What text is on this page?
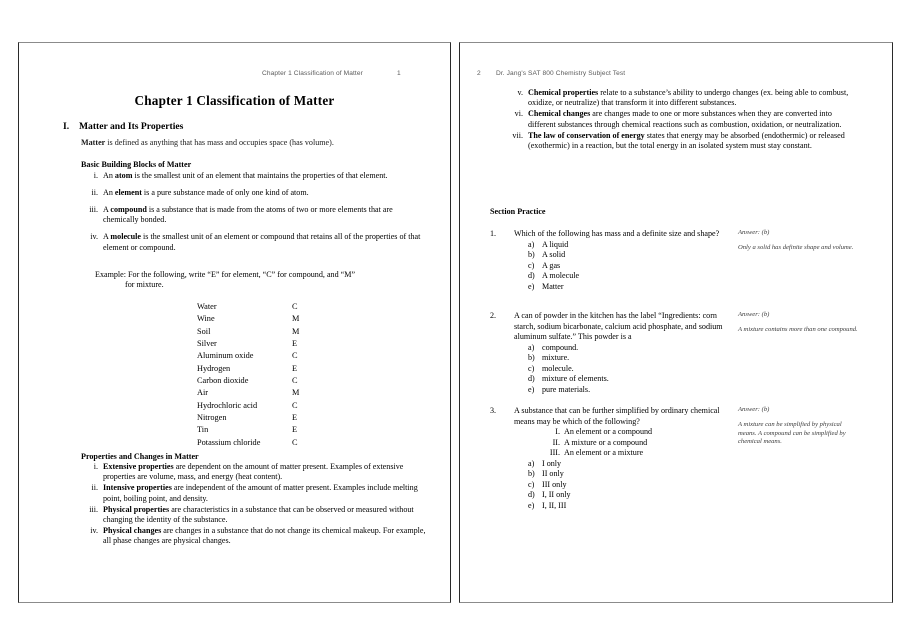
Chapter 1 Classification of Matter	1
Chapter 1 Classification of Matter
I. Matter and Its Properties
Matter is defined as anything that has mass and occupies space (has volume).
Basic Building Blocks of Matter
i. An atom is the smallest unit of an element that maintains the properties of that element.
ii. An element is a pure substance made of only one kind of atom.
iii. A compound is a substance that is made from the atoms of two or more elements that are chemically bonded.
iv. A molecule is the smallest unit of an element or compound that retains all of the properties of that element or compound.
Example: For the following, write “E” for element, “C” for compound, and “M”
for mixture.
Water	C
Wine	M
Soil	M
Silver	E
Aluminum oxide	C
Hydrogen	E
Carbon dioxide	C
Air	M
Hydrochloric acid	C
Nitrogen	E
Tin	E
Potassium chloride	C
Properties and Changes in Matter
i. Extensive properties are dependent on the amount of matter present. Examples of extensive properties are volume, mass, and energy (heat content).
ii. Intensive properties are independent of the amount of matter present. Examples include melting point, boiling point, and density.
iii. Physical properties are characteristics in a substance that can be observed or measured without changing the identity of the substance.
iv. Physical changes are changes in a substance that do not change its chemical makeup. For example, all phase changes are physical changes.
2 Dr. Jang's SAT 800 Chemistry Subject Test
v. Chemical properties relate to a substance’s ability to undergo changes (ex. being able to combust, oxidize, or neutralize) that transform it into different substances.
vi. Chemical changes are changes made to one or more substances when they are converted into different substances through chemical reactions such as combustion, oxidation, or neutralization.
vii. The law of conservation of energy states that energy may be absorbed (endothermic) or released (exothermic) in a reaction, but the total energy in an isolated system must stay constant.
Section Practice
1.	Which of the following has mass and a definite size and shape?
a) A liquid
b) A solid
c) A gas
d) A molecule
e) Matter
Answer: (b)
Only a solid has definite shape and volume.
2.	A can of powder in the kitchen has the label “Ingredients: corn starch, sodium bicarbonate, calcium acid phosphate, and sodium aluminum sulfate.” This powder is a
a) compound.
b) mixture.
c) molecule.
d) mixture of elements.
e) pure materials.
Answer: (b)
A mixture contains more than one compound.
3.	A substance that can be further simplified by ordinary chemical means may be which of the following?
I. An element or a compound
II. A mixture or a compound
III. An element or a mixture
a) I only
b) II only
c) III only
d) I, II only
e) I, II, III
Answer: (b)
A mixture can be simplified by physical means. A compound can be simplified by chemical means.
